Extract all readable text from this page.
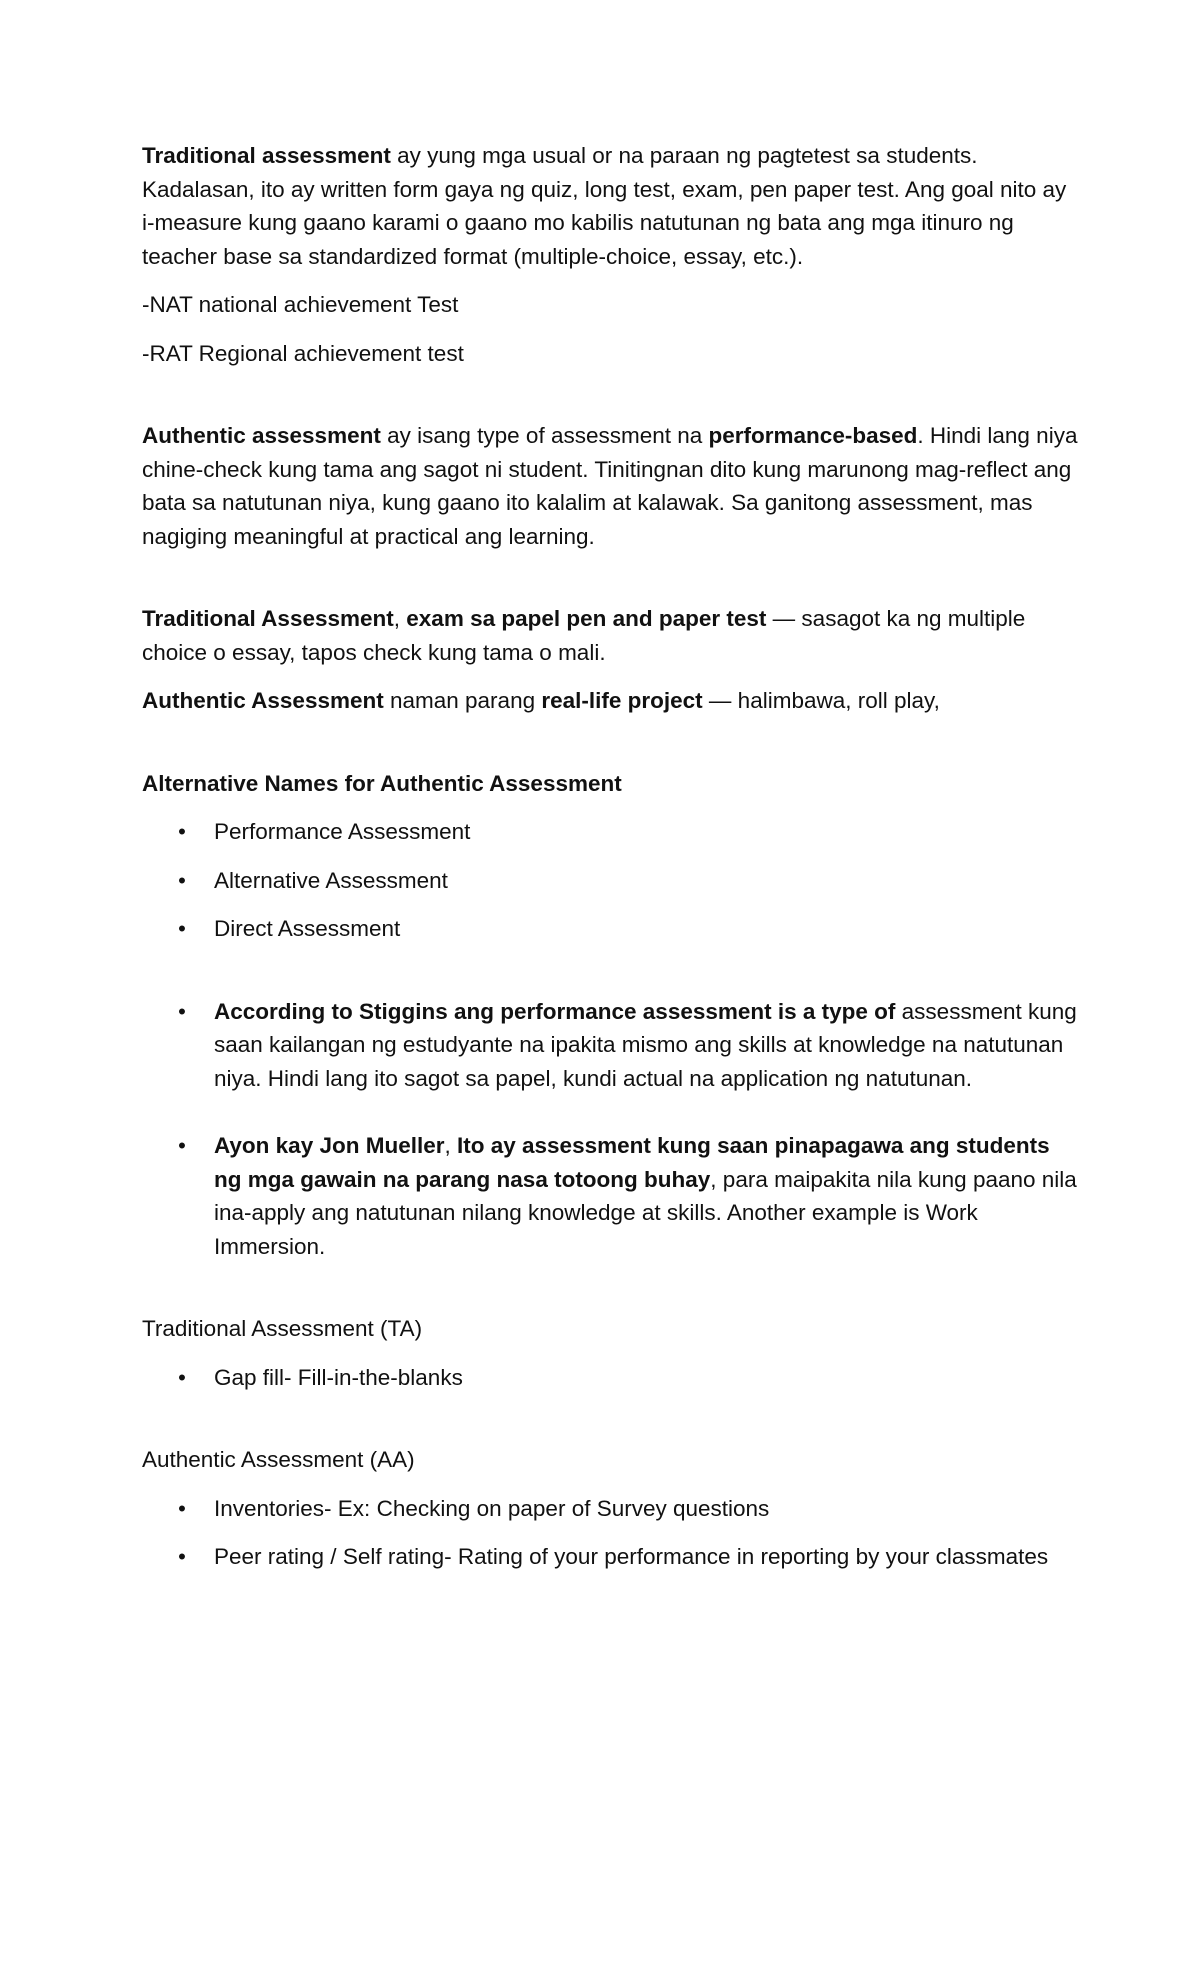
Traditional assessment ay yung mga usual or na paraan ng pagtetest sa students. Kadalasan, ito ay written form gaya ng quiz, long test, exam, pen paper test. Ang goal nito ay i-measure kung gaano karami o gaano mo kabilis natutunan ng bata ang mga itinuro ng teacher base sa standardized format (multiple-choice, essay, etc.).

-NAT national achievement Test

-RAT Regional achievement test

Authentic assessment ay isang type of assessment na performance-based. Hindi lang niya chine-check kung tama ang sagot ni student. Tinitingnan dito kung marunong mag-reflect ang bata sa natutunan niya, kung gaano ito kalalim at kalawak. Sa ganitong assessment, mas nagiging meaningful at practical ang learning.

Traditional Assessment, exam sa papel pen and paper test — sasagot ka ng multiple choice o essay, tapos check kung tama o mali.

Authentic Assessment naman parang real-life project — halimbawa, roll play,

Alternative Names for Authentic Assessment

•
Performance Assessment
•
Alternative Assessment
•
Direct Assessment
•
According to Stiggins ang performance assessment is a type of assessment kung saan kailangan ng estudyante na ipakita mismo ang skills at knowledge na natutunan niya. Hindi lang ito sagot sa papel, kundi actual na application ng natutunan.
•
Ayon kay Jon Mueller, Ito ay assessment kung saan pinapagawa ang students ng mga gawain na parang nasa totoong buhay, para maipakita nila kung paano nila ina-apply ang natutunan nilang knowledge at skills. Another example is Work Immersion.

Traditional Assessment (TA)

•
Gap fill- Fill-in-the-blanks

Authentic Assessment (AA)

•
Inventories- Ex: Checking on paper of Survey questions
•
Peer rating / Self rating- Rating of your performance in reporting by your classmates
